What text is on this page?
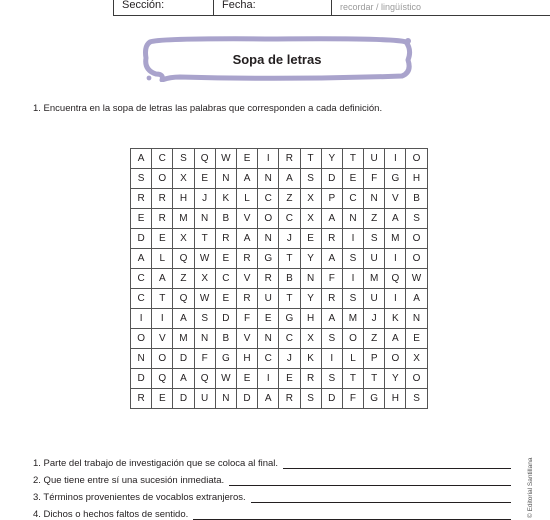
Sección:	Fecha:	recordar / lingüístico
Sopa de letras
1. Encuentra en la sopa de letras las palabras que corresponden a cada definición.
A	C	S	Q	W	E	I	R	T	Y	T	U	I	O
S	O	X	E	N	A	N	A	S	D	E	F	G	H
R	R	H	J	K	L	C	Z	X	P	C	N	V	B
E	R	M	N	B	V	O	C	X	A	N	Z	A	S
D	E	X	T	R	A	N	J	E	R	I	S	M	O
A	L	Q	W	E	R	G	T	Y	A	S	U	I	O
C	A	Z	X	C	V	R	B	N	F	I	M	Q	W
C	T	Q	W	E	R	U	T	Y	R	S	U	I	A
I	I	A	S	D	F	E	G	H	A	M	J	K	N
O	V	M	N	B	V	N	C	X	S	O	Z	A	E
N	O	D	F	G	H	C	J	K	I	L	P	O	X
D	Q	A	Q	W	E	I	E	R	S	T	T	Y	O
R	E	D	U	N	D	A	R	S	D	F	G	H	S
1. Parte del trabajo de investigación que se coloca al final.
2. Que tiene entre sí una sucesión inmediata.
3. Términos provenientes de vocablos extranjeros.
4. Dichos o hechos faltos de sentido.	© Editorial Santillana
